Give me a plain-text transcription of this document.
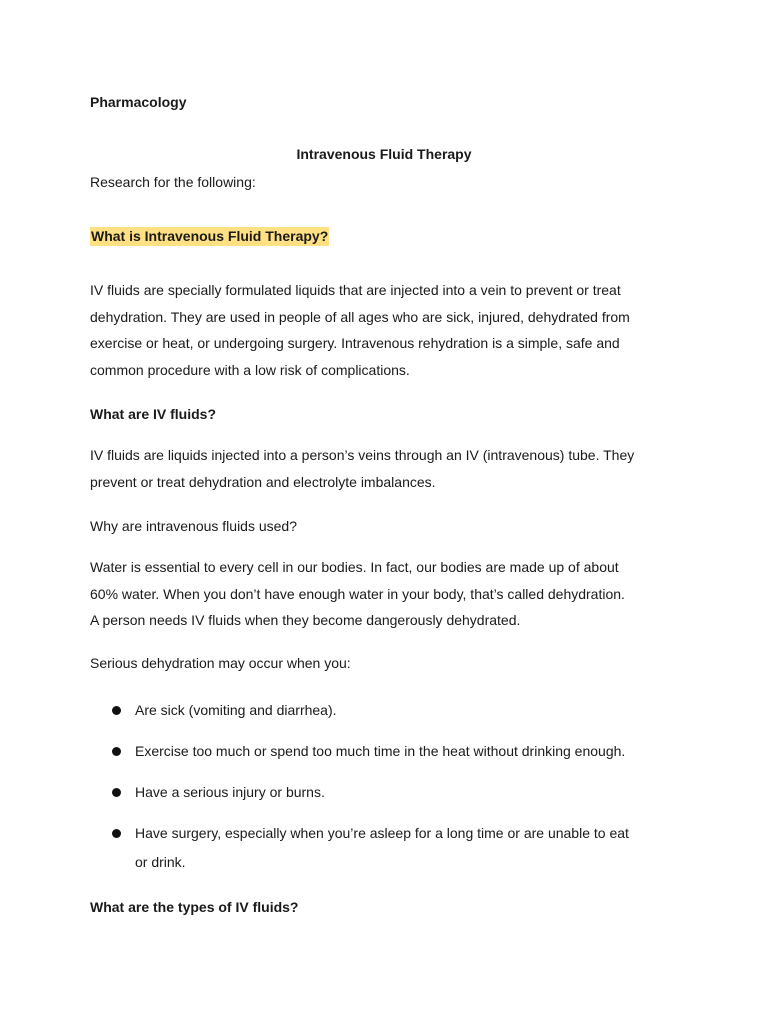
Pharmacology
Intravenous Fluid Therapy
Research for the following:
What is Intravenous Fluid Therapy?
IV fluids are specially formulated liquids that are injected into a vein to prevent or treat
dehydration. They are used in people of all ages who are sick, injured, dehydrated from
exercise or heat, or undergoing surgery. Intravenous rehydration is a simple, safe and
common procedure with a low risk of complications.
What are IV fluids?
IV fluids are liquids injected into a person’s veins through an IV (intravenous) tube. They
prevent or treat dehydration and electrolyte imbalances.
Why are intravenous fluids used?
Water is essential to every cell in our bodies. In fact, our bodies are made up of about
60% water. When you don’t have enough water in your body, that’s called dehydration.
A person needs IV fluids when they become dangerously dehydrated.
Serious dehydration may occur when you:
Are sick (vomiting and diarrhea).
Exercise too much or spend too much time in the heat without drinking enough.
Have a serious injury or burns.
Have surgery, especially when you’re asleep for a long time or are unable to eat
or drink.
What are the types of IV fluids?
